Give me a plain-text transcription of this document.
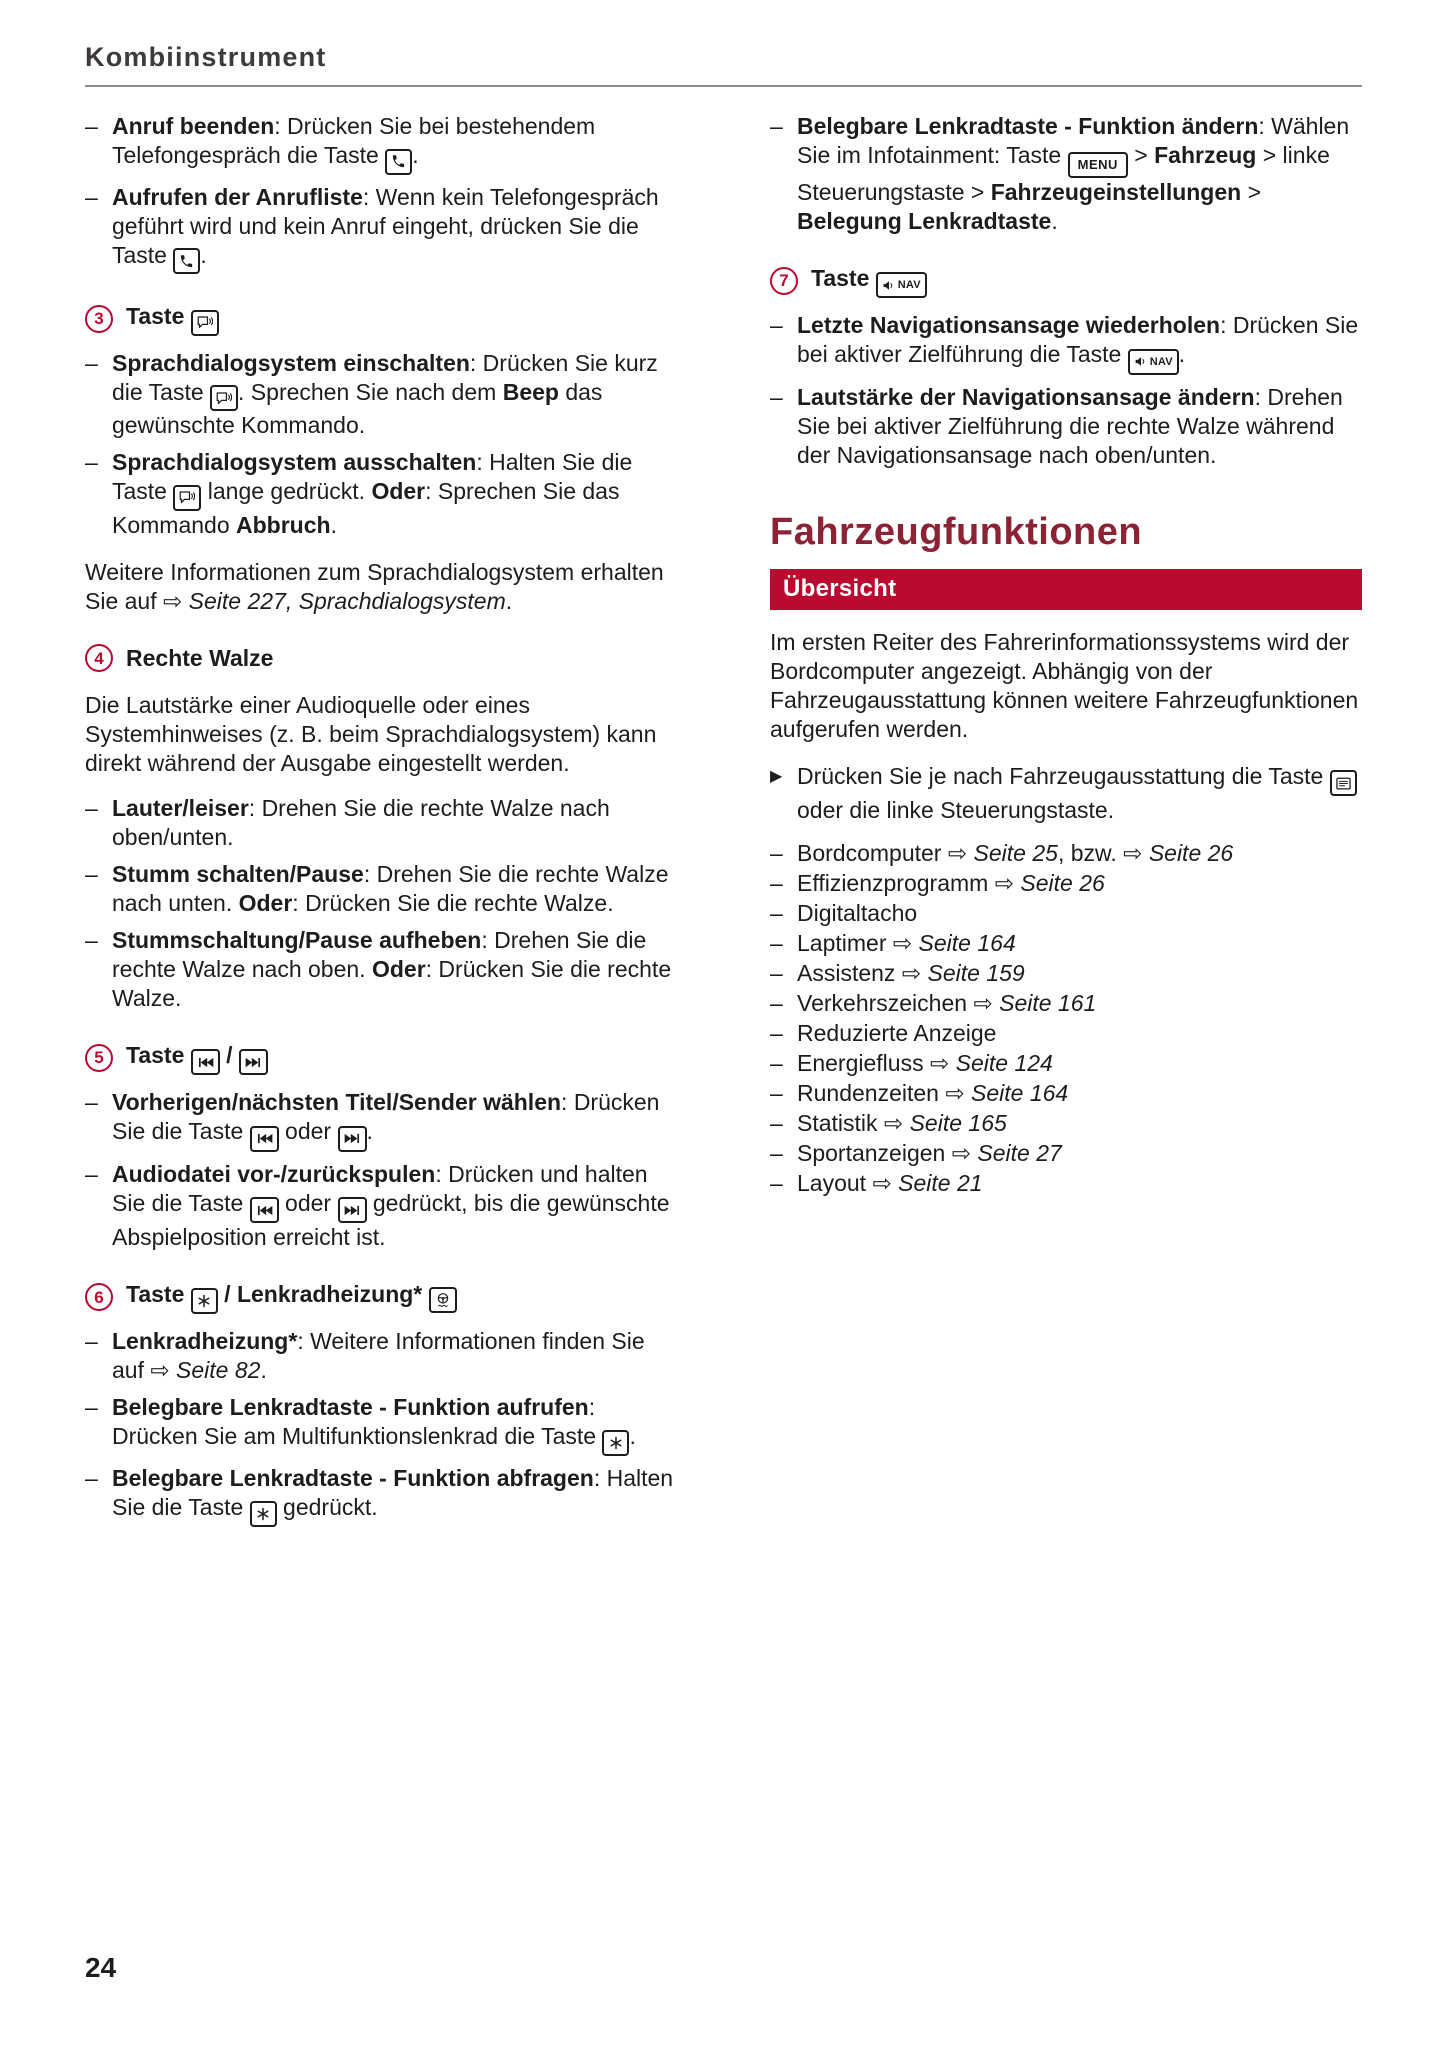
Kombiinstrument
– Anruf beenden: Drücken Sie bei bestehendem Telefongespräch die Taste
.
– Aufrufen der Anrufliste: Wenn kein Telefongespräch geführt wird und kein Anruf eingeht, drücken Sie die Taste
.
3 Taste
– Sprachdialogsystem einschalten: Drücken Sie kurz die Taste
. Sprechen Sie nach dem Beep das gewünschte Kommando.
– Sprachdialogsystem ausschalten: Halten Sie die Taste
lange gedrückt. Oder: Sprechen Sie das Kommando Abbruch.
Weitere Informationen zum Sprachdialogsystem erhalten Sie auf ⇨ Seite 227, Sprachdialogsystem.
4 Rechte Walze
Die Lautstärke einer Audioquelle oder eines Systemhinweises (z. B. beim Sprachdialogsystem) kann direkt während der Ausgabe eingestellt werden.
– Lauter/leiser: Drehen Sie die rechte Walze nach oben/unten.
– Stumm schalten/Pause: Drehen Sie die rechte Walze nach unten. Oder: Drücken Sie die rechte Walze.
– Stummschaltung/Pause aufheben: Drehen Sie die rechte Walze nach oben. Oder: Drücken Sie die rechte Walze.
5 Taste
/
– Vorherigen/nächsten Titel/Sender wählen: Drücken Sie die Taste
oder
.
– Audiodatei vor-/zurückspulen: Drücken und halten Sie die Taste
oder
gedrückt, bis die gewünschte Abspielposition erreicht ist.
6 Taste
/ Lenkradheizung*
– Lenkradheizung*: Weitere Informationen finden Sie auf ⇨ Seite 82.
– Belegbare Lenkradtaste - Funktion aufrufen: Drücken Sie am Multifunktionslenkrad die Taste
.
– Belegbare Lenkradtaste - Funktion abfragen: Halten Sie die Taste
gedrückt.
– Belegbare Lenkradtaste - Funktion ändern: Wählen Sie im Infotainment: Taste MENU > Fahrzeug > linke Steuerungstaste > Fahrzeugeinstellungen > Belegung Lenkradtaste.
7 Taste NAV
– Letzte Navigationsansage wiederholen: Drücken Sie bei aktiver Zielführung die Taste NAV .
– Lautstärke der Navigationsansage ändern: Drehen Sie bei aktiver Zielführung die rechte Walze während der Navigationsansage nach oben/unten.
Fahrzeugfunktionen
Übersicht
Im ersten Reiter des Fahrerinformationssystems wird der Bordcomputer angezeigt. Abhängig von der Fahrzeugausstattung können weitere Fahrzeugfunktionen aufgerufen werden.
▶ Drücken Sie je nach Fahrzeugausstattung die Taste
oder die linke Steuerungstaste.
– Bordcomputer ⇨ Seite 25, bzw. ⇨ Seite 26
– Effizienzprogramm ⇨ Seite 26
– Digitaltacho
– Laptimer ⇨ Seite 164
– Assistenz ⇨ Seite 159
– Verkehrszeichen ⇨ Seite 161
– Reduzierte Anzeige
– Energiefluss ⇨ Seite 124
– Rundenzeiten ⇨ Seite 164
– Statistik ⇨ Seite 165
– Sportanzeigen ⇨ Seite 27
– Layout ⇨ Seite 21
24
